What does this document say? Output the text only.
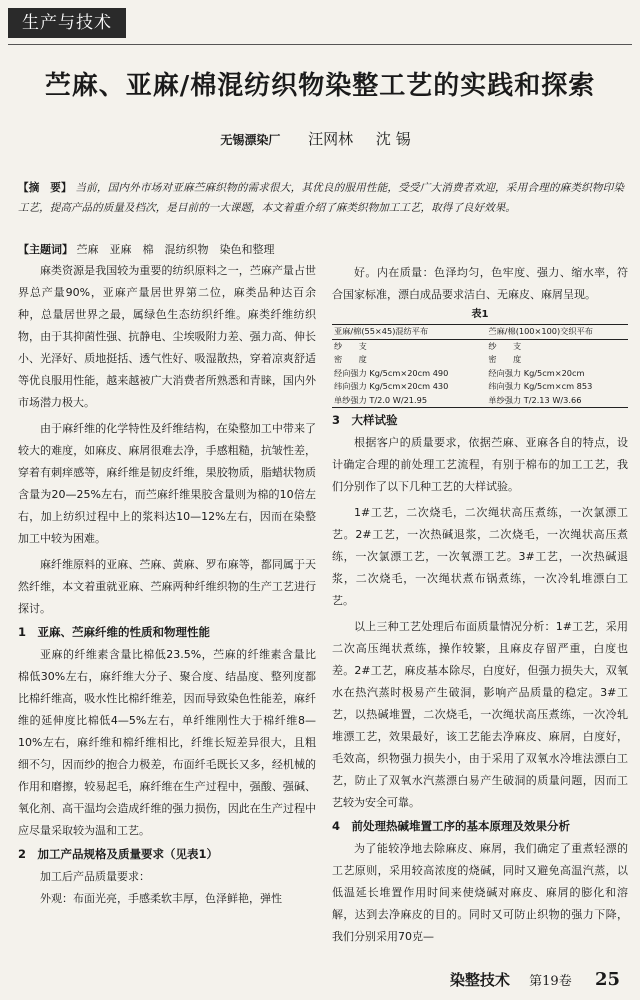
生产与技术
苎麻、亚麻/棉混纺织物染整工艺的实践和探索
无锡漂染厂 汪网林 沈 锡
【摘　要】 当前，国内外市场对亚麻苎麻织物的需求很大，其优良的服用性能，受受广大消费者欢迎，采用合理的麻类织物印染工艺，提高产品的质量及档次，是目前的一大课题，本文着重介绍了麻类织物加工工艺，取得了良好效果。
【主题词】 苎麻　亚麻　棉　混纺织物　染色和整理

麻类资源是我国较为重要的纺织原料之一，苎麻产量占世界总产量90%，亚麻产量居世界第二位，麻类品种达百余种，总量居世界之最，属绿色生态纺织纤维。麻类纤维纺织物，由于其抑菌性强、抗静电、尘埃吸附力差、强力高、伸长小、光泽好、质地挺括、透气性好、吸湿散热，穿着凉爽舒适等优良服用性能，越来越被广大消费者所熟悉和青睐，国内外市场潜力极大。

由于麻纤维的化学特性及纤维结构，在染整加工中带来了较大的难度，如麻皮、麻屑很难去净，手感粗糙，抗皱性差，穿着有刺痒感等，麻纤维是韧皮纤维，果胶物质，脂蜡状物质含量为20—25%左右，而苎麻纤维果胶含量则为棉的10倍左右，加上纺织过程中上的浆料达10—12%左右，因而在染整加工中较为困难。

麻纤维原料的亚麻、苎麻、黄麻、罗布麻等，都同属于天然纤维，本文着重就亚麻、苎麻两种纤维织物的生产工艺进行探讨。

1　亚麻、苎麻纤维的性质和物理性能

亚麻的纤维素含量比棉低23.5%，苎麻的纤维素含量比棉低30%左右，麻纤维大分子、聚合度、结晶度、整列度都比棉纤维高，吸水性比棉纤维差，因而导致染色性能差，麻纤维的延伸度比棉低4—5%左右，单纤维刚性大于棉纤维8—10%左右，麻纤维和棉纤维相比，纤维长短差异很大，且粗细不匀，因而纱的抱合力极差，布面纤毛既长又多，经机械的作用和磨擦，较易起毛，麻纤维在生产过程中，强酸、强碱、氧化剂、高干温均会造成纤维的强力损伤，因此在生产过程中应尽量采取较为温和工艺。

2　加工产品规格及质量要求（见表1）

加工后产品质量要求：

外观：布面光亮，手感柔软丰厚，色泽鲜艳，弹性

好。内在质量：色泽均匀，色牢度、强力、缩水率，符合国家标准，漂白成品要求洁白、无麻皮、麻屑呈现。

表1
亚麻/棉(55×45)混纺平布	苎麻/棉(100×100)交织平布
纱　　支	纱　　支
密　　度	密　　度
经向强力 Kg/5cm×20cm 490	经向强力 Kg/5cm×20cm
纬向强力 Kg/5cm×20cm 430	纬向强力 Kg/5cm×cm 853
单纱强力 T/2.0 W/21.95	单纱强力 T/2.13 W/3.66
3　大样试验

根据客户的质量要求，依据苎麻、亚麻各自的特点，设计确定合理的前处理工艺流程，有别于棉布的加工工艺，我们分别作了以下几种工艺的大样试验。

1#工艺，二次烧毛，二次绳状高压煮练，一次氯漂工艺。2#工艺，一次热碱退浆，二次烧毛，一次绳状高压煮练，一次氯漂工艺，一次氧漂工艺。3#工艺，一次热碱退浆，二次烧毛，一次绳状煮布锅煮练，一次冷轧堆漂白工艺。

以上三种工艺处理后布面质量情况分析：1#工艺，采用二次高压绳状煮练，操作较繁，且麻皮存留严重，白度也差。2#工艺，麻皮基本除尽，白度好，但强力损失大，双氧水在热汽蒸时极易产生破洞，影响产品质量的稳定。3#工艺，以热碱堆置，二次烧毛，一次绳状高压煮练，一次冷轧堆漂工艺，效果最好，该工艺能去净麻皮、麻屑，白度好，毛效高，织物强力损失小，由于采用了双氧水冷堆法漂白工艺，防止了双氧水汽蒸漂白易产生破洞的质量问题，因而工艺较为安全可靠。

4　前处理热碱堆置工序的基本原理及效果分析

为了能较净地去除麻皮、麻屑，我们确定了重煮轻漂的工艺原则，采用较高浓度的烧碱，同时又避免高温汽蒸，以低温延长堆置作用时间来使烧碱对麻皮、麻屑的膨化和溶解，达到去净麻皮的目的。同时又可防止织物的强力下降，我们分别采用70克—

染整技术 第19卷 25
